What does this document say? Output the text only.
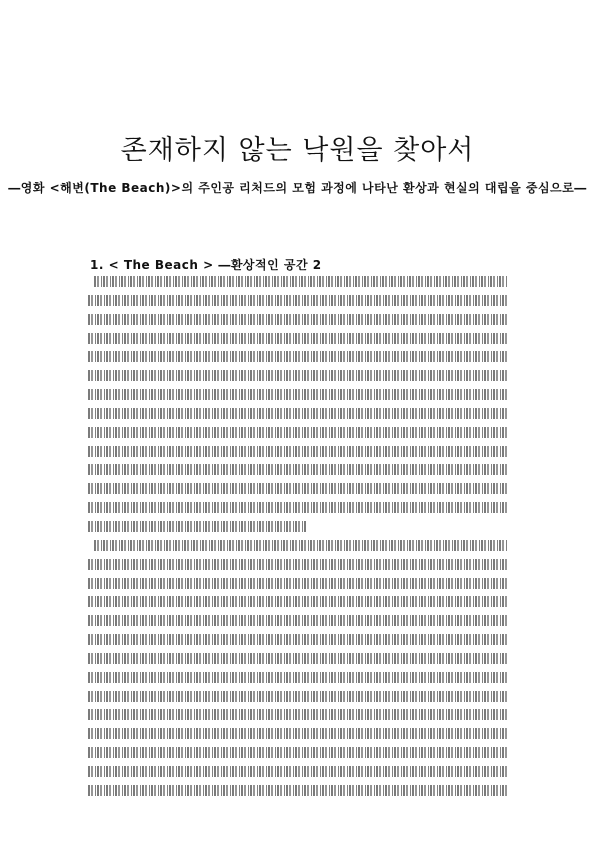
존재하지 않는 낙원을 찾아서
―영화 <해변(The Beach)>의 주인공 리처드의 모험 과정에 나타난 환상과 현실의 대립을 중심으로―
1. < The Beach > ―환상적인 공간 2
